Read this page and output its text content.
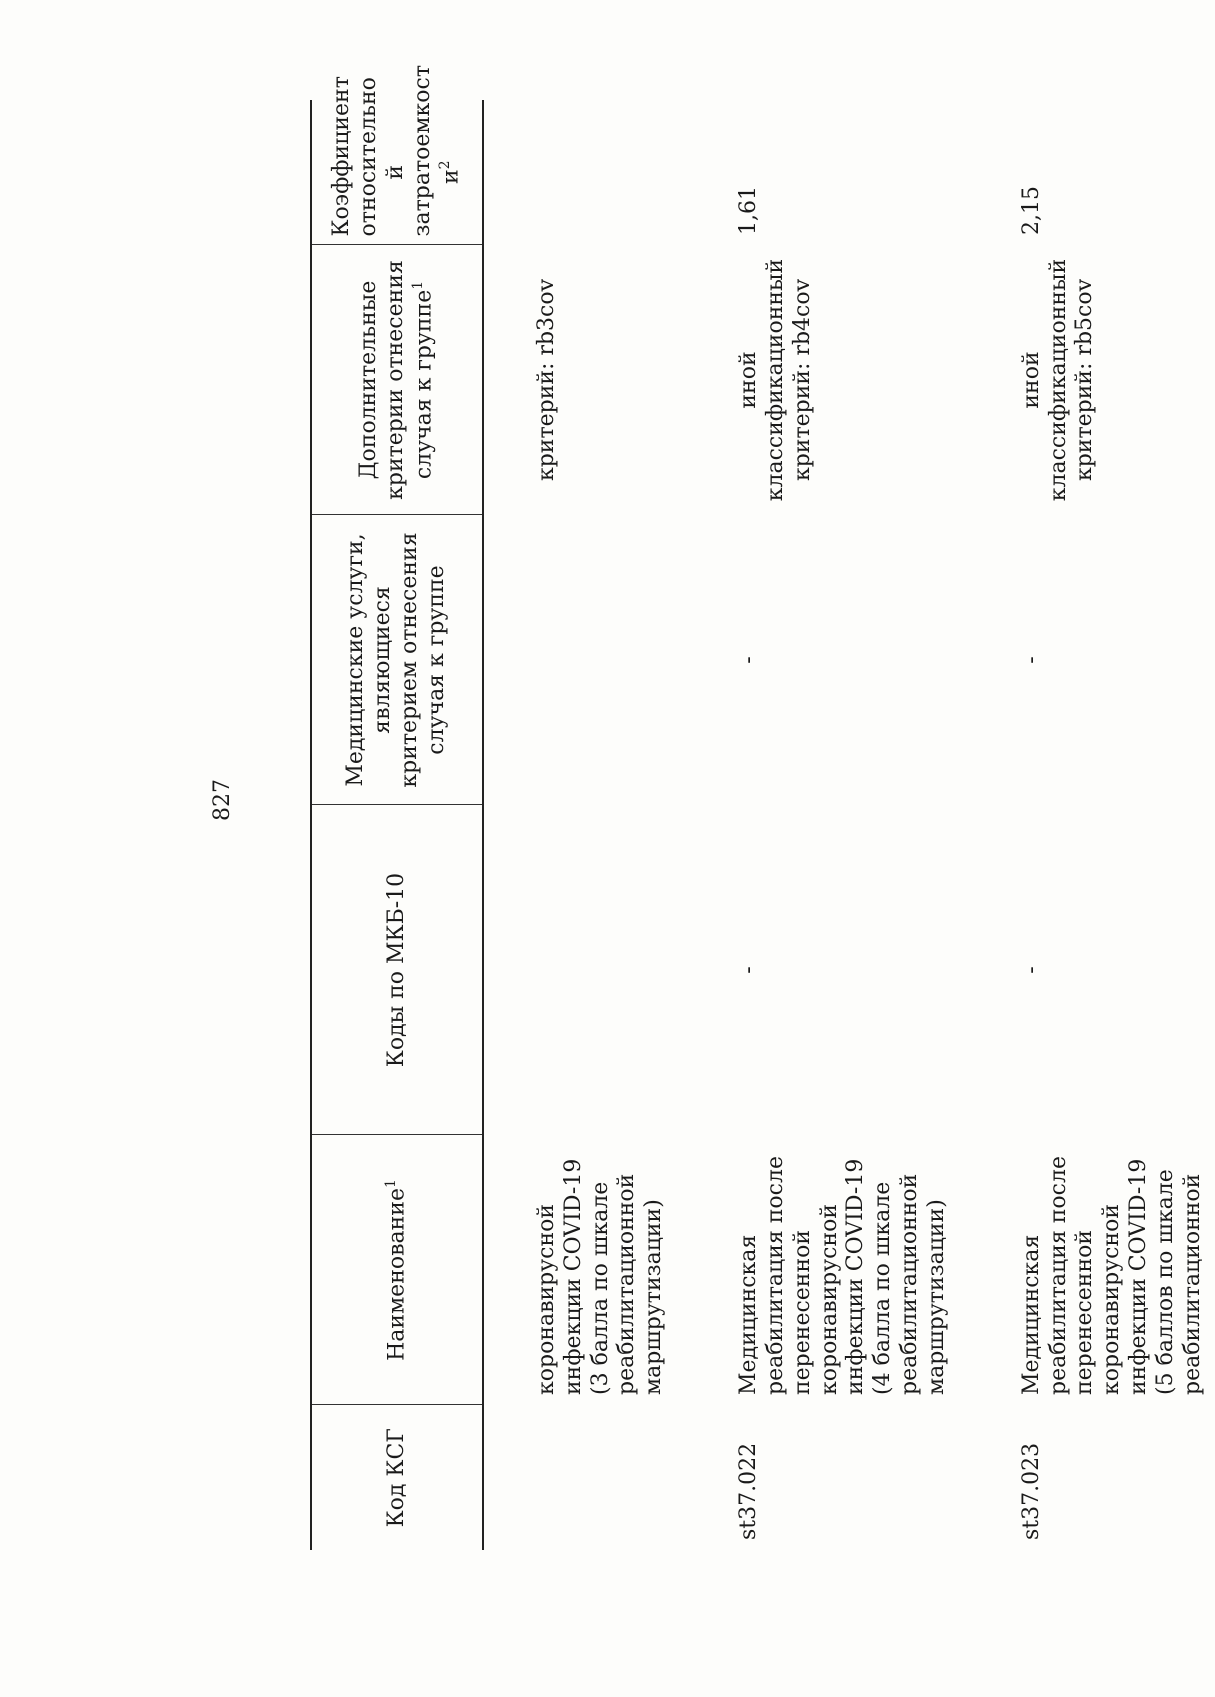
827
Код КСГ	Наименование$^1$	Коды по МКБ-10	Медицинские услуги, являющиеся критерием отнесения случая к группе	Дополнительные критерии отнесения случая к группе$^1$	Коэффициент относительно й затратоемкост $и^2$
	коронавирусной инфекции COVID-19 (3 балла по шкале реабилитационной маршрутизации)			критерий: rb3cov	
st37.022	Медицинская реабилитация после перенесенной коронавирусной инфекции COVID-19 (4 балла по шкале реабилитационной маршрутизации)	-	-	иной классификационный критерий: rb4cov	1,61
st37.023	Медицинская реабилитация после перенесенной коронавирусной инфекции COVID-19 (5 баллов по шкале реабилитационной	-	-	иной классификационный критерий: rb5cov	2,15
